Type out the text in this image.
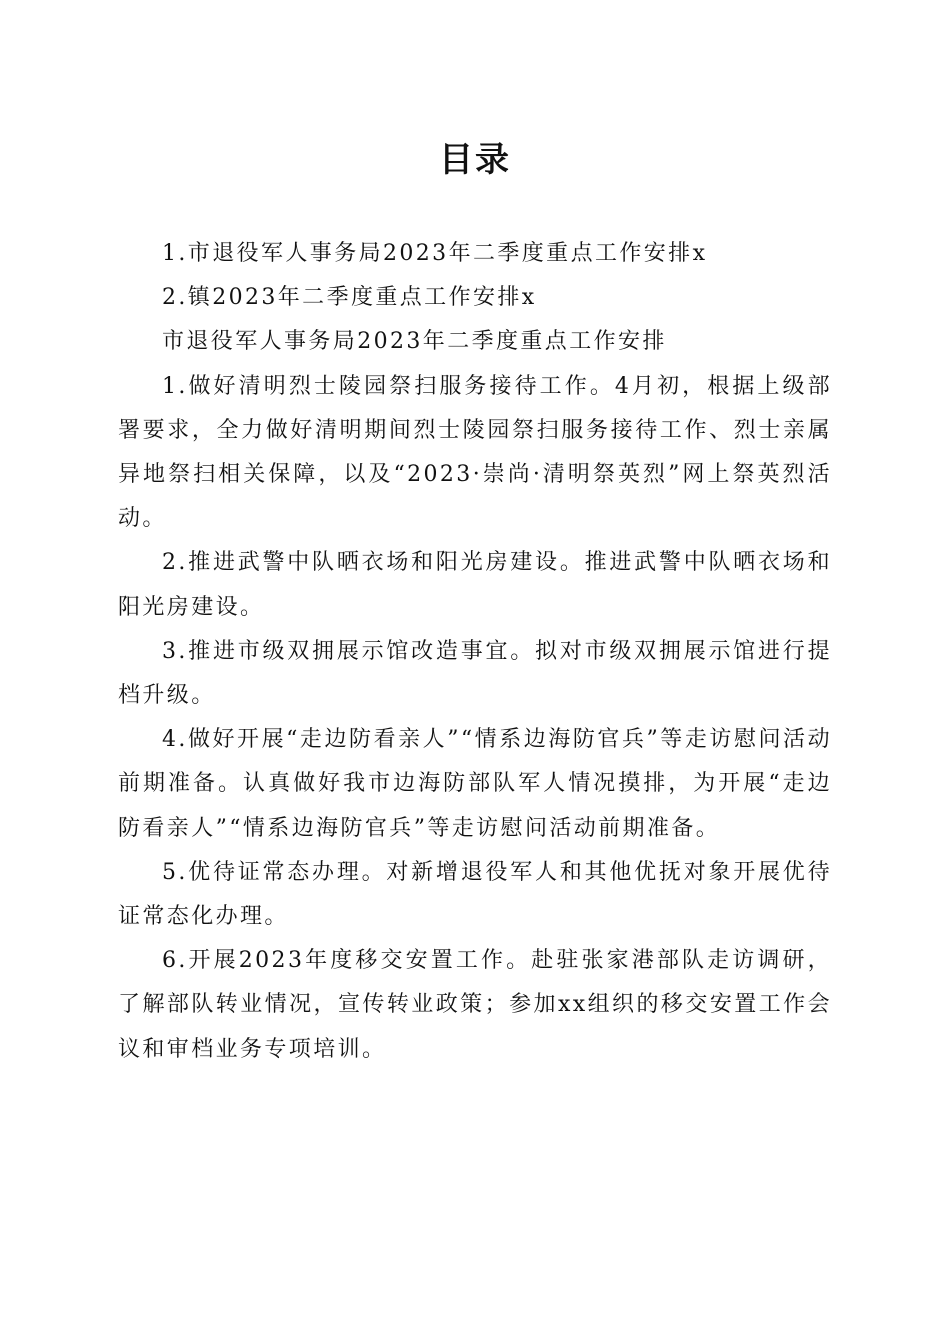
目录

1.市退役军人事务局2023年二季度重点工作安排x

2.镇2023年二季度重点工作安排x

市退役军人事务局2023年二季度重点工作安排

1.做好清明烈士陵园祭扫服务接待工作。4月初，根据上级部署要求，全力做好清明期间烈士陵园祭扫服务接待工作、烈士亲属异地祭扫相关保障，以及“2023·崇尚·清明祭英烈”网上祭英烈活动。

2.推进武警中队晒衣场和阳光房建设。推进武警中队晒衣场和阳光房建设。

3.推进市级双拥展示馆改造事宜。拟对市级双拥展示馆进行提档升级。

4.做好开展“走边防看亲人”“情系边海防官兵”等走访慰问活动前期准备。认真做好我市边海防部队军人情况摸排，为开展“走边防看亲人”“情系边海防官兵”等走访慰问活动前期准备。

5.优待证常态办理。对新增退役军人和其他优抚对象开展优待证常态化办理。

6.开展2023年度移交安置工作。赴驻张家港部队走访调研，了解部队转业情况，宣传转业政策；参加xx组织的移交安置工作会议和审档业务专项培训。
